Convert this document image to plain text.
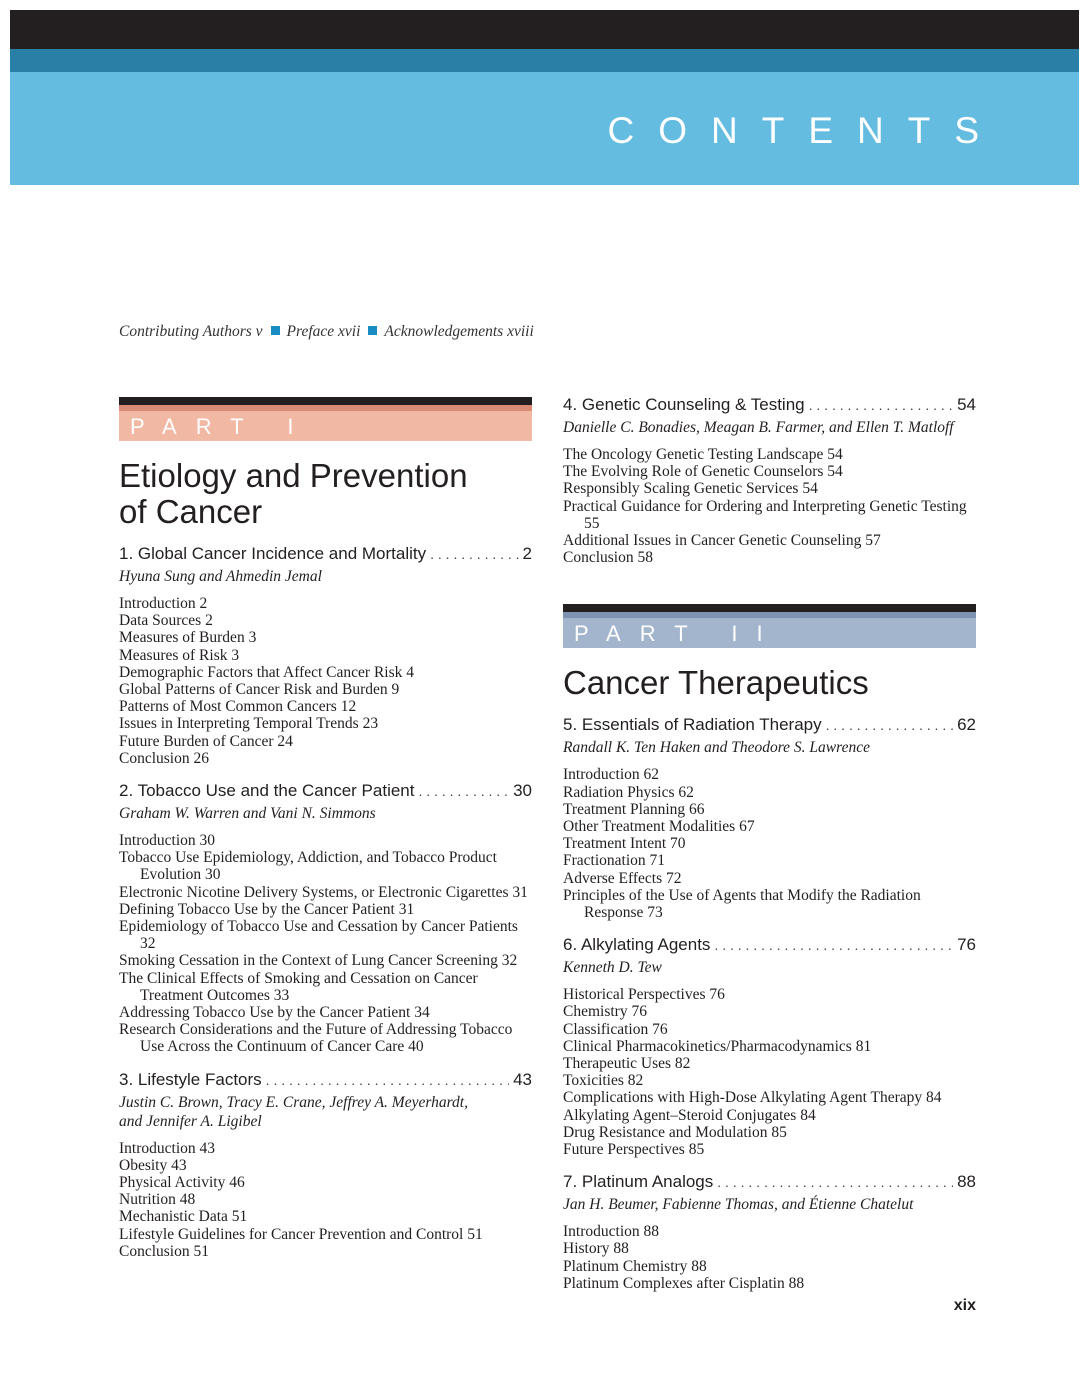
CONTENTS
Contributing Authors v Preface xvii Acknowledgements xviii
PART I
Etiology and Prevention
of Cancer
1. Global Cancer Incidence and Mortality . . .	2
Hyuna Sung and Ahmedin Jemal
Introduction 2
Data Sources 2
Measures of Burden 3
Measures of Risk 3
Demographic Factors that Affect Cancer Risk 4
Global Patterns of Cancer Risk and Burden 9
Patterns of Most Common Cancers 12
Issues in Interpreting Temporal Trends 23
Future Burden of Cancer 24
Conclusion 26
2. Tobacco Use and the Cancer Patient . . .	30
Graham W. Warren and Vani N. Simmons
Introduction 30
Tobacco Use Epidemiology, Addiction, and Tobacco Product Evolution 30
Electronic Nicotine Delivery Systems, or Electronic Cigarettes 31
Defining Tobacco Use by the Cancer Patient 31
Epidemiology of Tobacco Use and Cessation by Cancer Patients 32
Smoking Cessation in the Context of Lung Cancer Screening 32
The Clinical Effects of Smoking and Cessation on Cancer Treatment Outcomes 33
Addressing Tobacco Use by the Cancer Patient 34
Research Considerations and the Future of Addressing Tobacco Use Across the Continuum of Cancer Care 40
3. Lifestyle Factors . . .	43
Justin C. Brown, Tracy E. Crane, Jeffrey A. Meyerhardt,
and Jennifer A. Ligibel
Introduction 43
Obesity 43
Physical Activity 46
Nutrition 48
Mechanistic Data 51
Lifestyle Guidelines for Cancer Prevention and Control 51
Conclusion 51
4. Genetic Counseling & Testing . . .	54
Danielle C. Bonadies, Meagan B. Farmer, and Ellen T. Matloff
The Oncology Genetic Testing Landscape 54
The Evolving Role of Genetic Counselors 54
Responsibly Scaling Genetic Services 54
Practical Guidance for Ordering and Interpreting Genetic Testing 55
Additional Issues in Cancer Genetic Counseling 57
Conclusion 58
PART II
Cancer Therapeutics
5. Essentials of Radiation Therapy . . .	62
Randall K. Ten Haken and Theodore S. Lawrence
Introduction 62
Radiation Physics 62
Treatment Planning 66
Other Treatment Modalities 67
Treatment Intent 70
Fractionation 71
Adverse Effects 72
Principles of the Use of Agents that Modify the Radiation Response 73
6. Alkylating Agents . . .	76
Kenneth D. Tew
Historical Perspectives 76
Chemistry 76
Classification 76
Clinical Pharmacokinetics/Pharmacodynamics 81
Therapeutic Uses 82
Toxicities 82
Complications with High-Dose Alkylating Agent Therapy 84
Alkylating Agent–Steroid Conjugates 84
Drug Resistance and Modulation 85
Future Perspectives 85
7. Platinum Analogs . . .	88
Jan H. Beumer, Fabienne Thomas, and Étienne Chatelut
Introduction 88
History 88
Platinum Chemistry 88
Platinum Complexes after Cisplatin 88
xix
